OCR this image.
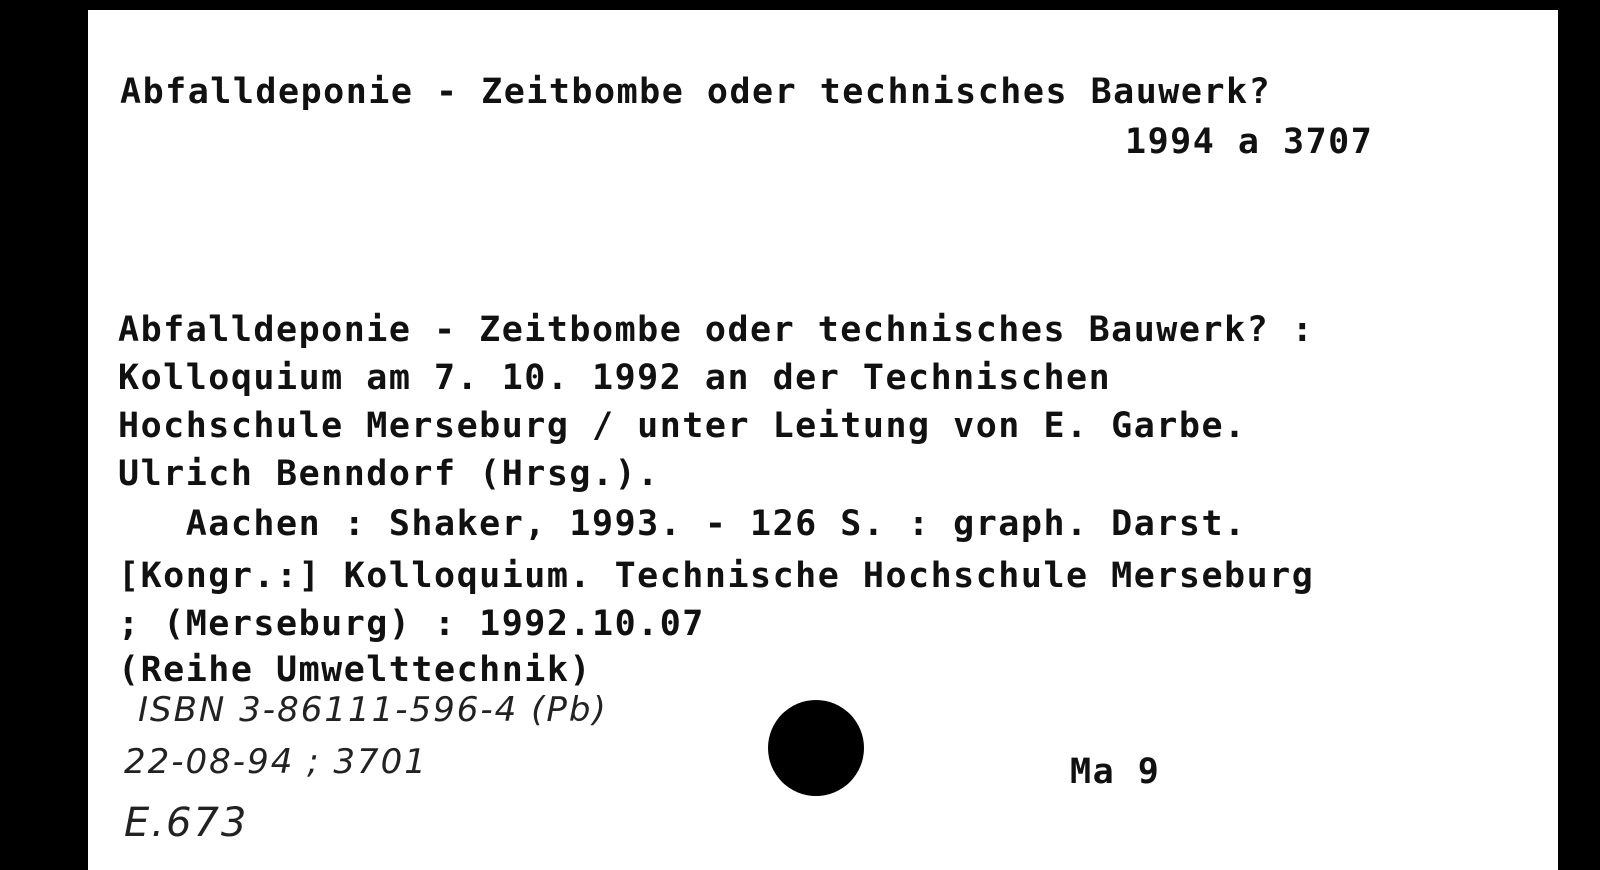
Abfalldeponie - Zeitbombe oder technisches Bauwerk?
1994 a 3707
Abfalldeponie - Zeitbombe oder technisches Bauwerk? :
Kolloquium am 7. 10. 1992 an der Technischen
Hochschule Merseburg / unter Leitung von E. Garbe.
Ulrich Benndorf (Hrsg.).
Aachen : Shaker, 1993. - 126 S. : graph. Darst.
[Kongr.:] Kolloquium. Technische Hochschule Merseburg
; (Merseburg) : 1992.10.07
(Reihe Umwelttechnik)
ISBN 3-86111-596-4 (Pb)
22-08-94 ; 3701
E.673
Ma 9
